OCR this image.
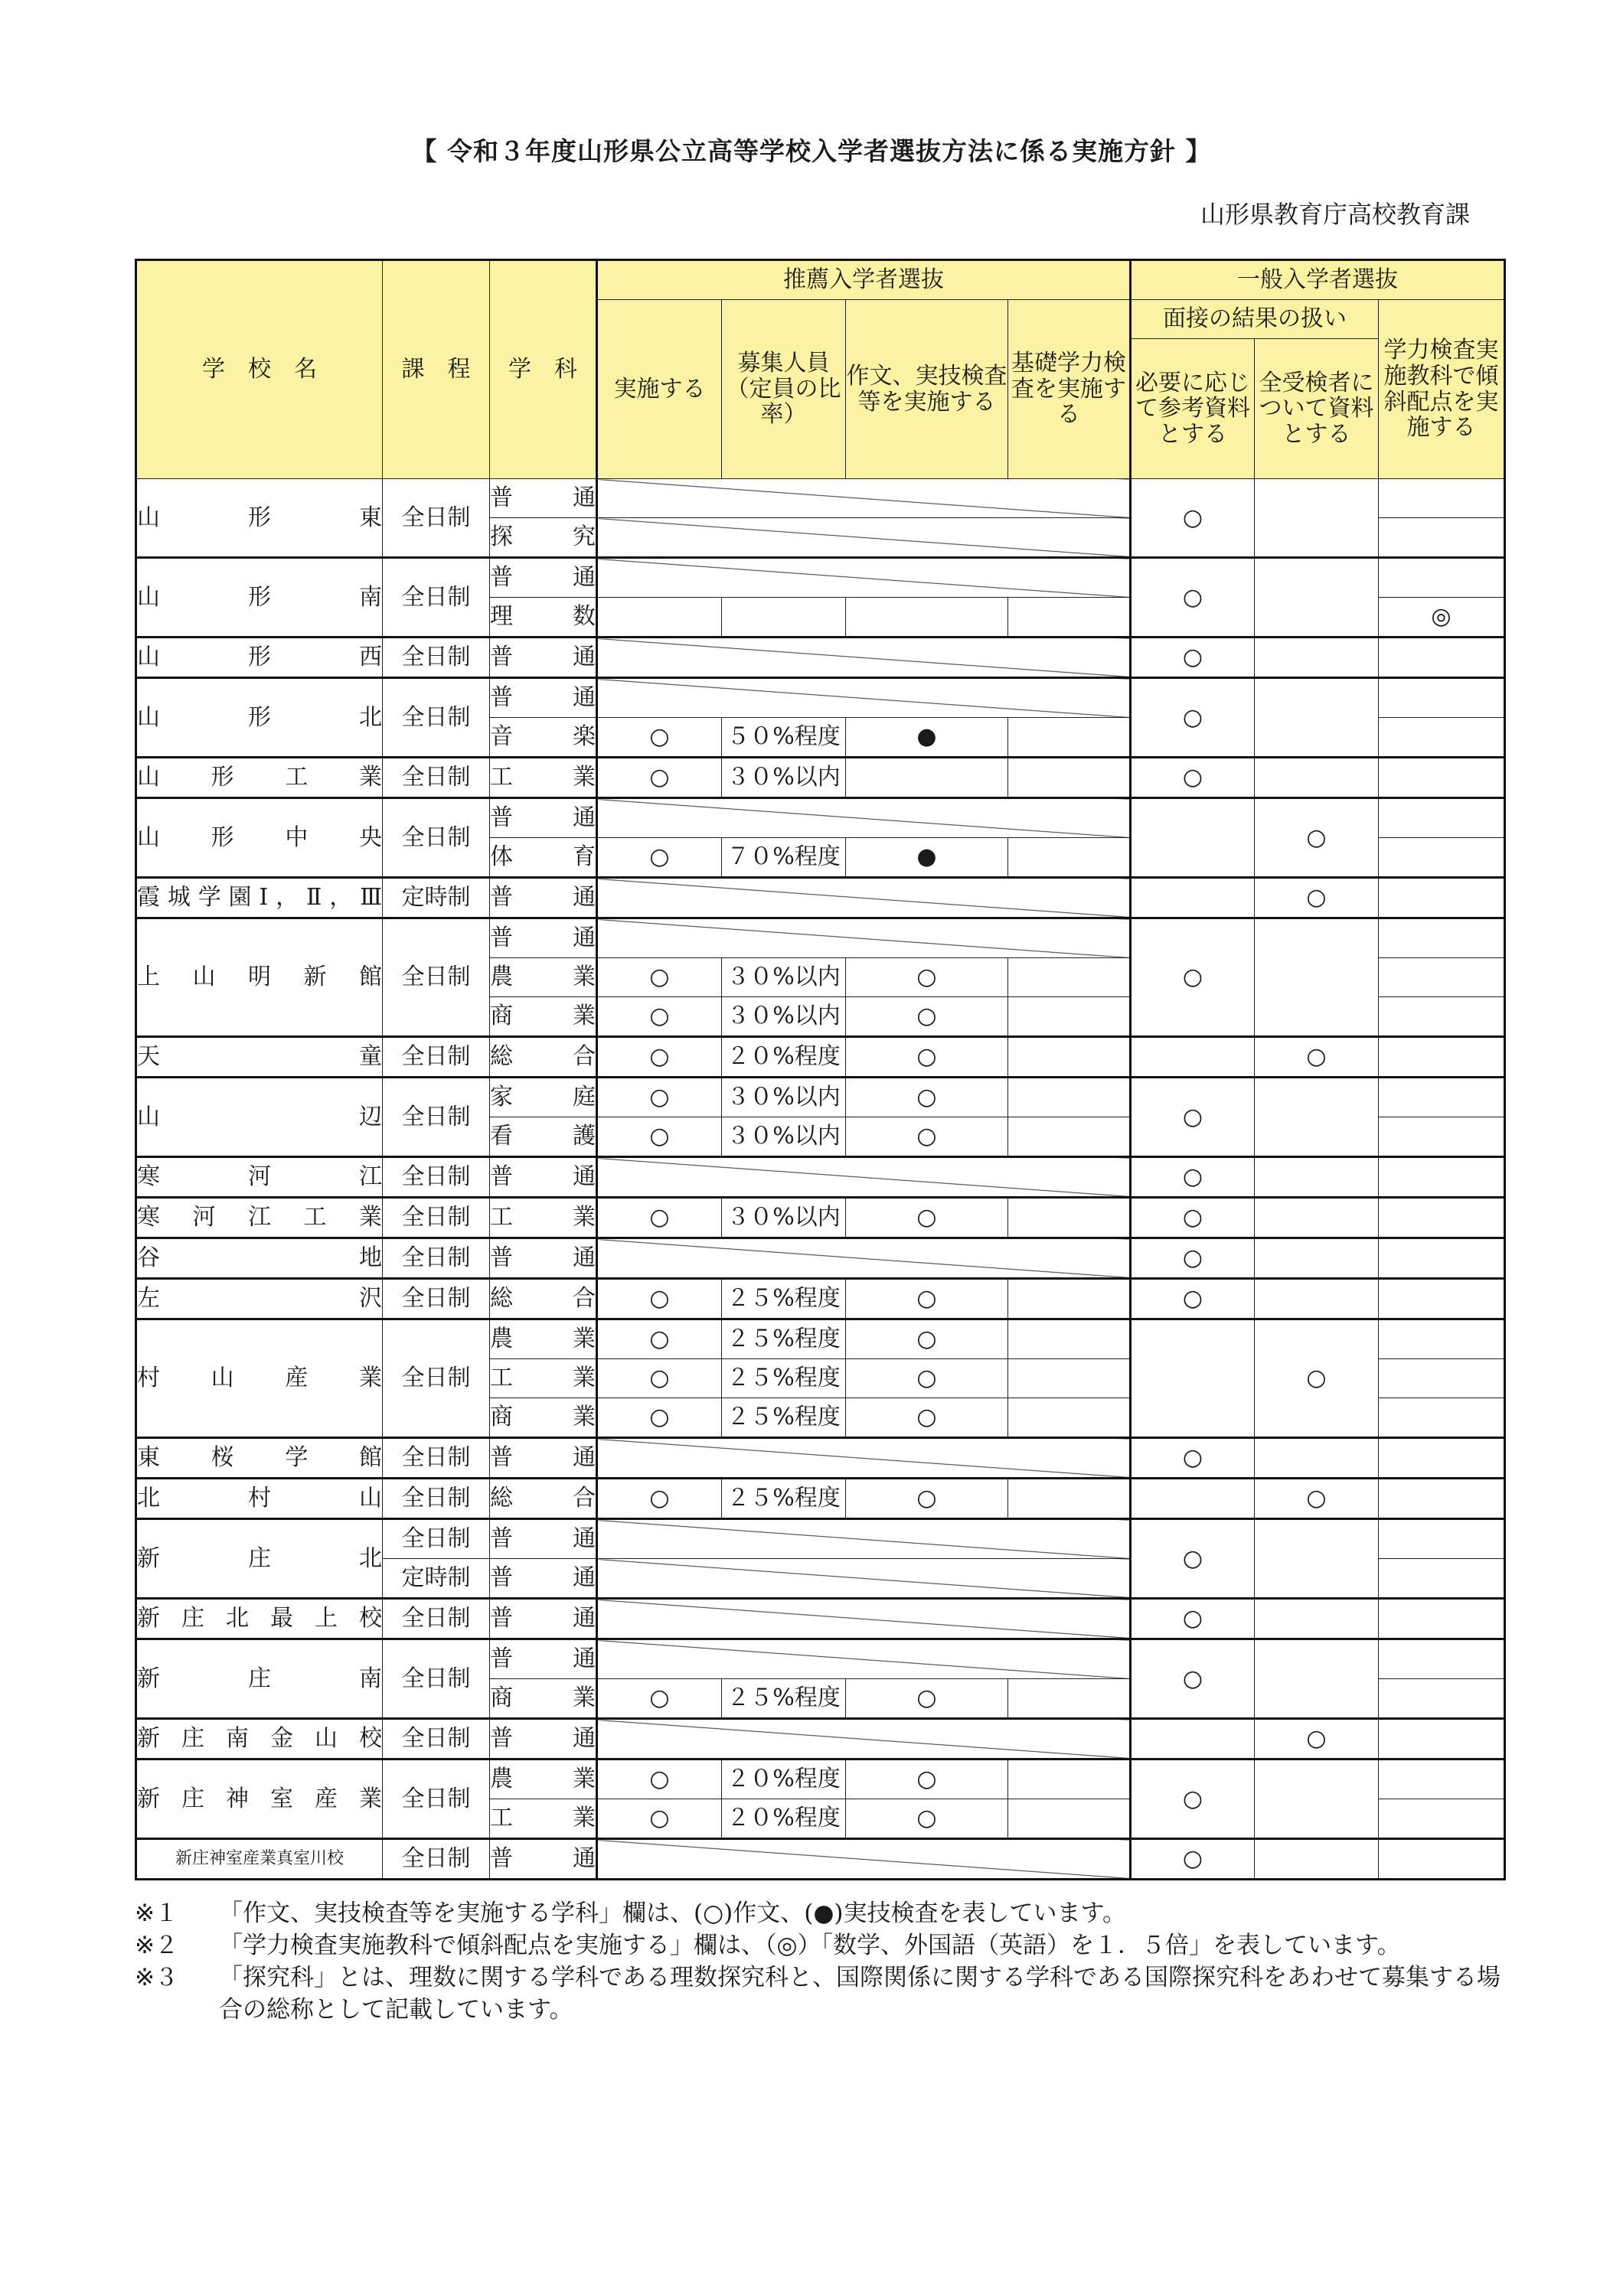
【 令和３年度山形県公立高等学校入学者選抜方法に係る実施方針 】
山形県教育庁高校教育課
学　校　名	課　程	学　科	推薦入学者選抜				一般入学者選抜		
			実施する	募集人員（定員の比率）	作文、実技検査等を実施する	基礎学力検査を実施する	面接の結果の扱い		学力検査実施教科で傾斜配点を実施する
							必要に応じて参考資料とする	全受検者について資料とする	
山形東	全日制	普通					○		
		探究							
山形南	全日制	普通					○		
		理数							◎
山形西	全日制	普通					○		
山形北	全日制	普通					○		
		音楽	○	５０%程度	●				
山形工業	全日制	工業	○	３０%以内			○		
山形中央	全日制	普通						○	
		体育	○	７０%程度	●				
霞城学園Ⅰ，Ⅱ，Ⅲ	定時制	普通						○	
上山明新館	全日制	普通					○		
		農業	○	３０%以内	○				
		商業	○	３０%以内	○				
天童	全日制	総合	○	２０%程度	○			○	
山辺	全日制	家庭	○	３０%以内	○		○		
		看護	○	３０%以内	○				
寒河江	全日制	普通					○		
寒河江工業	全日制	工業	○	３０%以内	○		○		
谷地	全日制	普通					○		
左沢	全日制	総合	○	２５%程度	○		○		
村山産業	全日制	農業	○	２５%程度	○			○	
		工業	○	２５%程度	○				
		商業	○	２５%程度	○				
東桜学館	全日制	普通					○		
北村山	全日制	総合	○	２５%程度	○			○	
新庄北	全日制	普通					○		
	定時制	普通							
新庄北最上校	全日制	普通					○		
新庄南	全日制	普通					○		
		商業	○	２５%程度	○				
新庄南金山校	全日制	普通						○	
新庄神室産業	全日制	農業	○	２０%程度	○		○		
		工業	○	２０%程度	○				
新庄神室産業真室川校	全日制	普通					○		
※１	「作文、実技検査等を実施する学科」欄は、(○)作文、(●)実技検査を表しています。
※２	「学力検査実施教科で傾斜配点を実施する」欄は、（◎）「数学、外国語（英語）を１．５倍」を表しています。
※３	「探究科」とは、理数に関する学科である理数探究科と、国際関係に関する学科である国際探究科をあわせて募集する場合の総称として記載しています。
